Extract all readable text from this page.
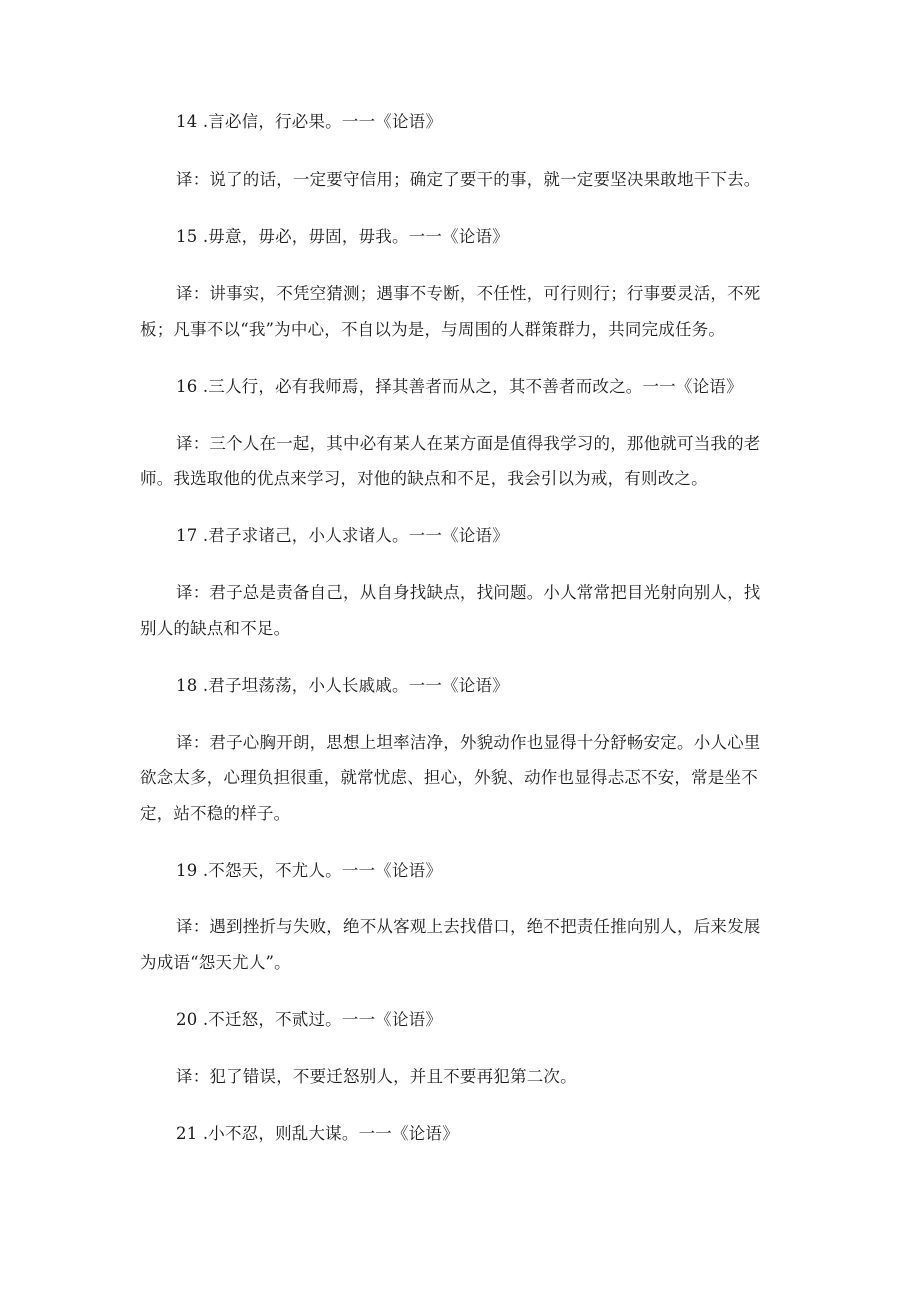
14 .言必信，行必果。一一《论语》
译：说了的话，一定要守信用；确定了要干的事，就一定要坚决果敢地干下去。
15 .毋意，毋必，毋固，毋我。一一《论语》
译：讲事实，不凭空猜测；遇事不专断，不任性，可行则行；行事要灵活，不死
板；凡事不以“我”为中心，不自以为是，与周围的人群策群力，共同完成任务。
16 .三人行，必有我师焉，择其善者而从之，其不善者而改之。一一《论语》
译：三个人在一起，其中必有某人在某方面是值得我学习的，那他就可当我的老
师。我选取他的优点来学习，对他的缺点和不足，我会引以为戒，有则改之。
17 .君子求诸己，小人求诸人。一一《论语》
译：君子总是责备自己，从自身找缺点，找问题。小人常常把目光射向别人，找
别人的缺点和不足。
18 .君子坦荡荡，小人长戚戚。一一《论语》
译：君子心胸开朗，思想上坦率洁净，外貌动作也显得十分舒畅安定。小人心里
欲念太多，心理负担很重，就常忧虑、担心，外貌、动作也显得忐忑不安，常是坐不
定，站不稳的样子。
19 .不怨天，不尤人。一一《论语》
译：遇到挫折与失败，绝不从客观上去找借口，绝不把责任推向别人，后来发展
为成语“怨天尤人”。
20 .不迁怒，不贰过。一一《论语》
译：犯了错误，不要迁怒别人，并且不要再犯第二次。
21 .小不忍，则乱大谋。一一《论语》
